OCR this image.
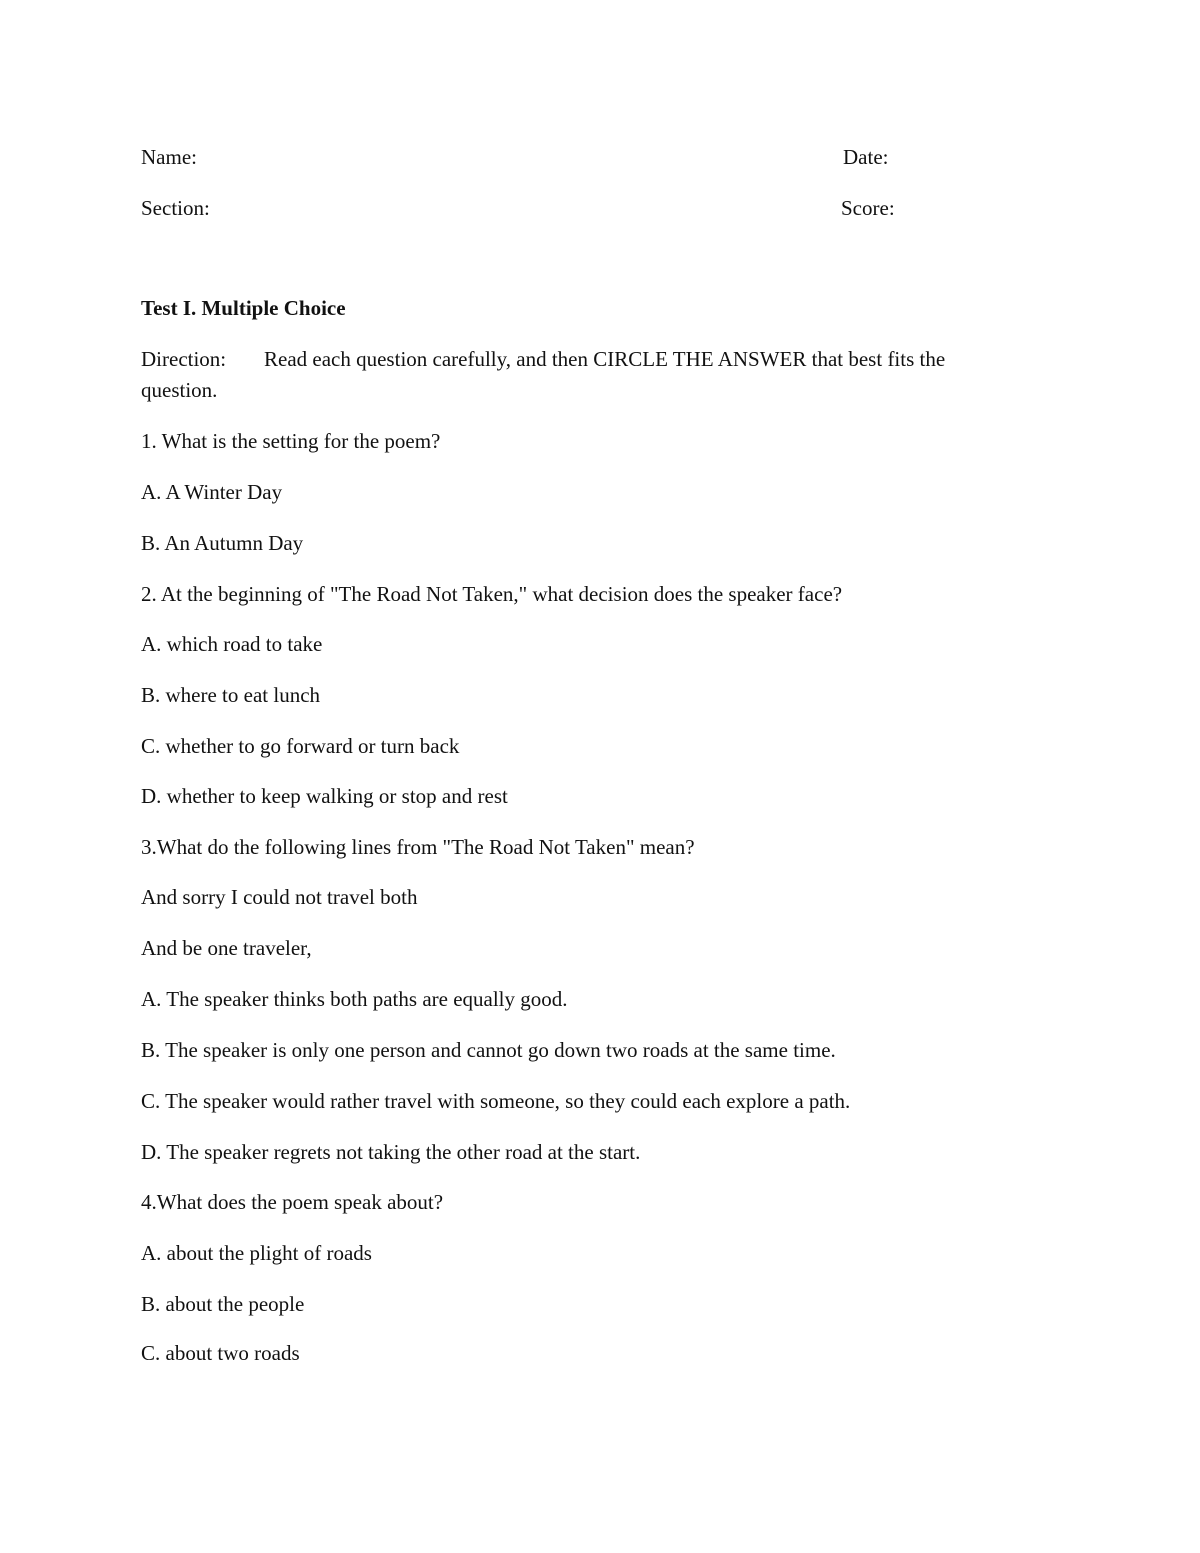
Name:	Date:
Section:	Score:
Test I. Multiple Choice
Direction: Read each question carefully, and then CIRCLE THE ANSWER that best fits the
question.
1. What is the setting for the poem?
A. A Winter Day
B. An Autumn Day
2. At the beginning of "The Road Not Taken," what decision does the speaker face?
A. which road to take
B. where to eat lunch
C. whether to go forward or turn back
D. whether to keep walking or stop and rest
3.What do the following lines from "The Road Not Taken" mean?
And sorry I could not travel both
And be one traveler,
A. The speaker thinks both paths are equally good.
B. The speaker is only one person and cannot go down two roads at the same time.
C. The speaker would rather travel with someone, so they could each explore a path.
D. The speaker regrets not taking the other road at the start.
4.What does the poem speak about?
A. about the plight of roads
B. about the people
C. about two roads
